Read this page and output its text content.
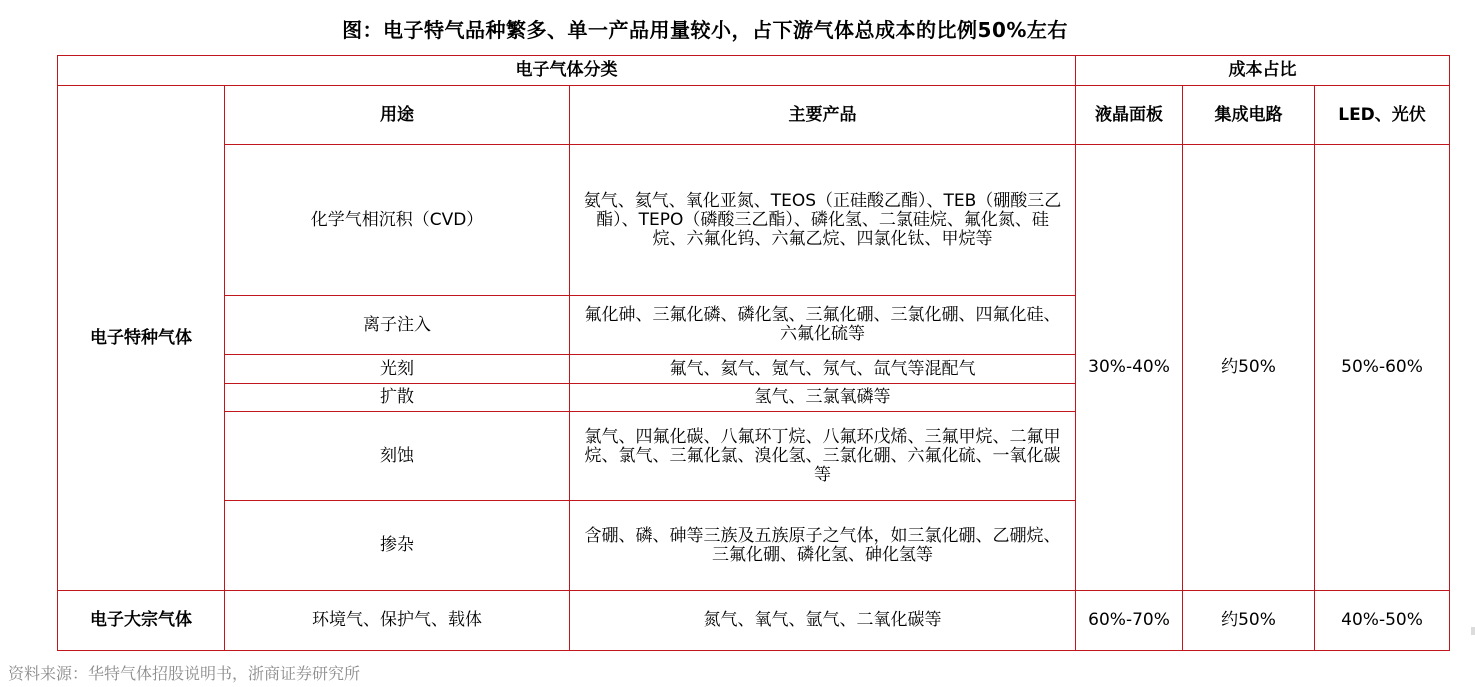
图：电子特气品种繁多、单一产品用量较小，占下游气体总成本的比例50%左右
电子气体分类			成本占比		
电子特种气体	用途	主要产品	液晶面板	集成电路	LED、光伏
	化学气相沉积（CVD）	氨气、氦气、氧化亚氮、TEOS（正硅酸乙酯）、TEB（硼酸三乙酯）、TEPO（磷酸三乙酯）、磷化氢、二氯硅烷、氟化氮、硅烷、六氟化钨、六氟乙烷、四氯化钛、甲烷等	30%-40%	约50%	50%-60%
	离子注入	氟化砷、三氟化磷、磷化氢、三氟化硼、三氯化硼、四氟化硅、六氟化硫等			
	光刻	氟气、氦气、氪气、氖气、氙气等混配气			
	扩散	氢气、三氯氧磷等			
	刻蚀	氯气、四氟化碳、八氟环丁烷、八氟环戊烯、三氟甲烷、二氟甲烷、氯气、三氟化氯、溴化氢、三氯化硼、六氟化硫、一氧化碳等			
	掺杂	含硼、磷、砷等三族及五族原子之气体，如三氯化硼、乙硼烷、三氟化硼、磷化氢、砷化氢等			
电子大宗气体	环境气、保护气、载体	氮气、氧气、氩气、二氧化碳等	60%-70%	约50%	40%-50%
资料来源：华特气体招股说明书，浙商证券研究所
